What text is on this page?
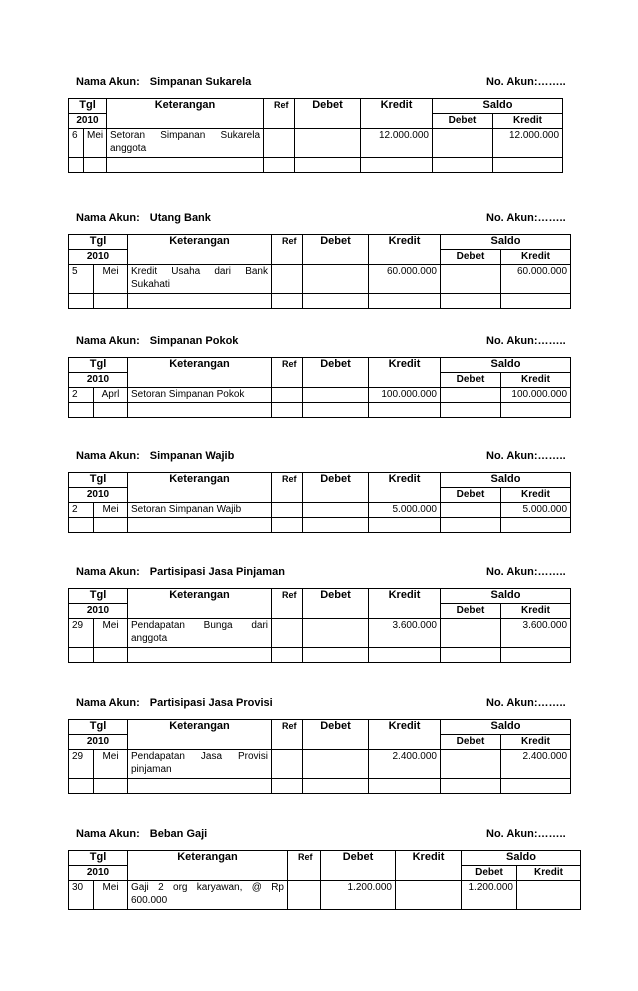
Nama Akun: Simpanan Sukarela	No. Akun:……..
Tgl		Keterangan	Ref	Debet	Kredit	Saldo	
2010						Debet	Kredit
6	Mei	Setoran Simpanan Sukarela anggota			12.000.000		12.000.000

Nama Akun: Utang Bank	No. Akun:……..
Tgl		Keterangan	Ref	Debet	Kredit	Saldo	
2010						Debet	Kredit
5	Mei	Kredit Usaha dari Bank Sukahati			60.000.000		60.000.000

Nama Akun: Simpanan Pokok	No. Akun:……..
Tgl		Keterangan	Ref	Debet	Kredit	Saldo	
2010						Debet	Kredit
2	Aprl	Setoran Simpanan Pokok			100.000.000		100.000.000

Nama Akun: Simpanan Wajib	No. Akun:……..
Tgl		Keterangan	Ref	Debet	Kredit	Saldo	
2010						Debet	Kredit
2	Mei	Setoran Simpanan Wajib			5.000.000		5.000.000

Nama Akun: Partisipasi Jasa Pinjaman	No. Akun:……..
Tgl		Keterangan	Ref	Debet	Kredit	Saldo	
2010						Debet	Kredit
29	Mei	Pendapatan Bunga dari anggota			3.600.000		3.600.000

Nama Akun: Partisipasi Jasa Provisi	No. Akun:……..
Tgl		Keterangan	Ref	Debet	Kredit	Saldo	
2010						Debet	Kredit
29	Mei	Pendapatan Jasa Provisi pinjaman			2.400.000		2.400.000

Nama Akun: Beban Gaji	No. Akun:……..
Tgl		Keterangan	Ref	Debet	Kredit	Saldo	
2010						Debet	Kredit
30	Mei	Gaji 2 org karyawan, @ Rp 600.000		1.200.000		1.200.000	
